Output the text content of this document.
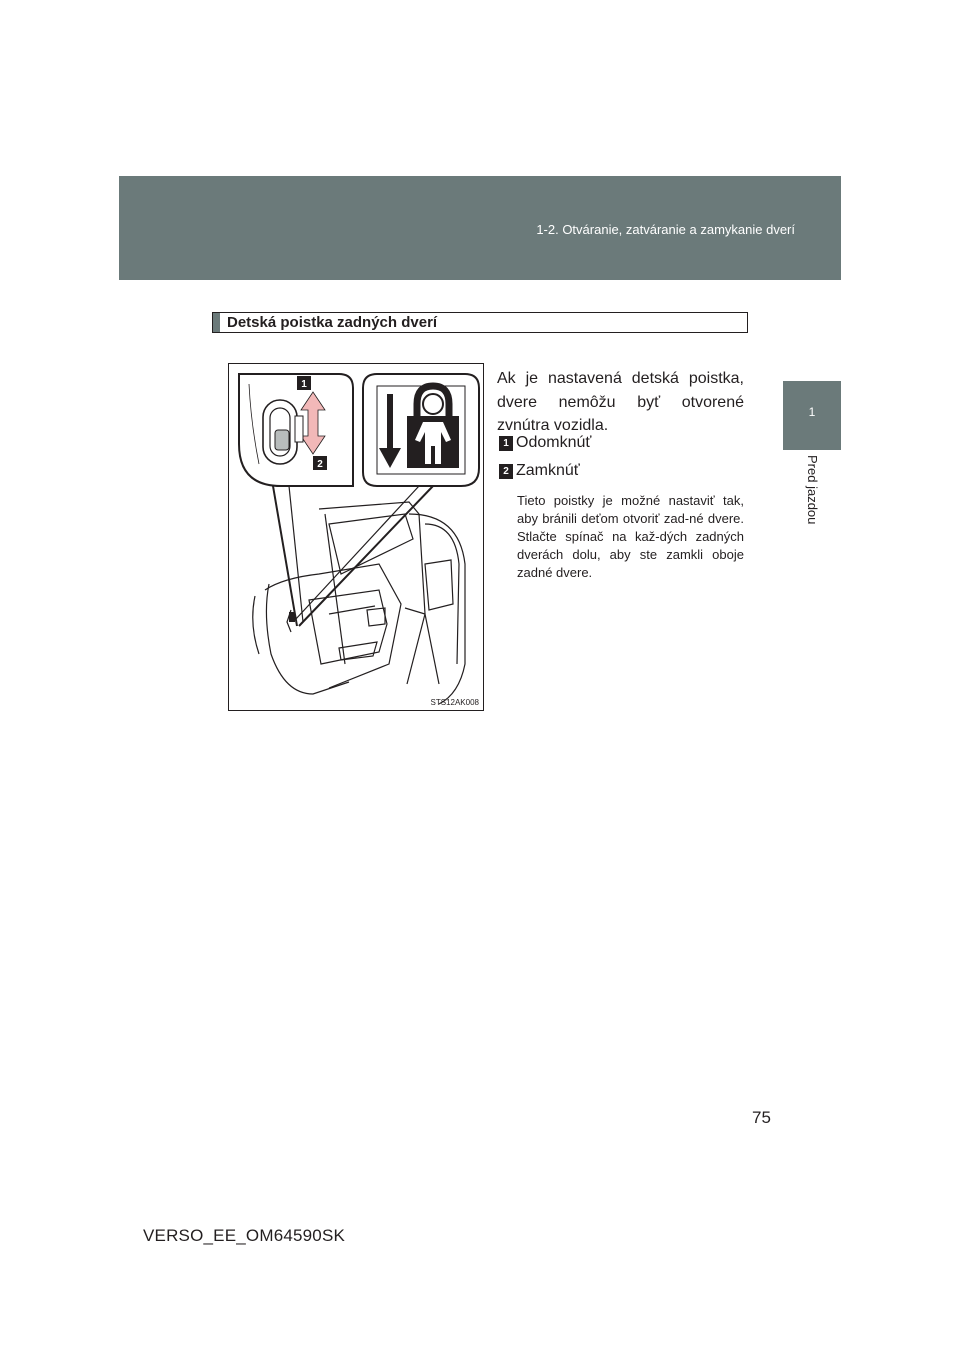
1-2. Otváranie, zatváranie a zamykanie dverí
1
Pred jazdou
Detská poistka zadných dverí
1
2
STS12AK008
Ak je nastavená detská poistka, dvere nemôžu byť otvorené zvnútra vozidla.
1 Odomknúť
2 Zamknúť
Tieto poistky je možné nastaviť tak, aby bránili deťom otvoriť zad-né dvere. Stlačte spínač na kaž-dých zadných dverách dolu, aby ste zamkli oboje zadné dvere.
75
VERSO_EE_OM64590SK
